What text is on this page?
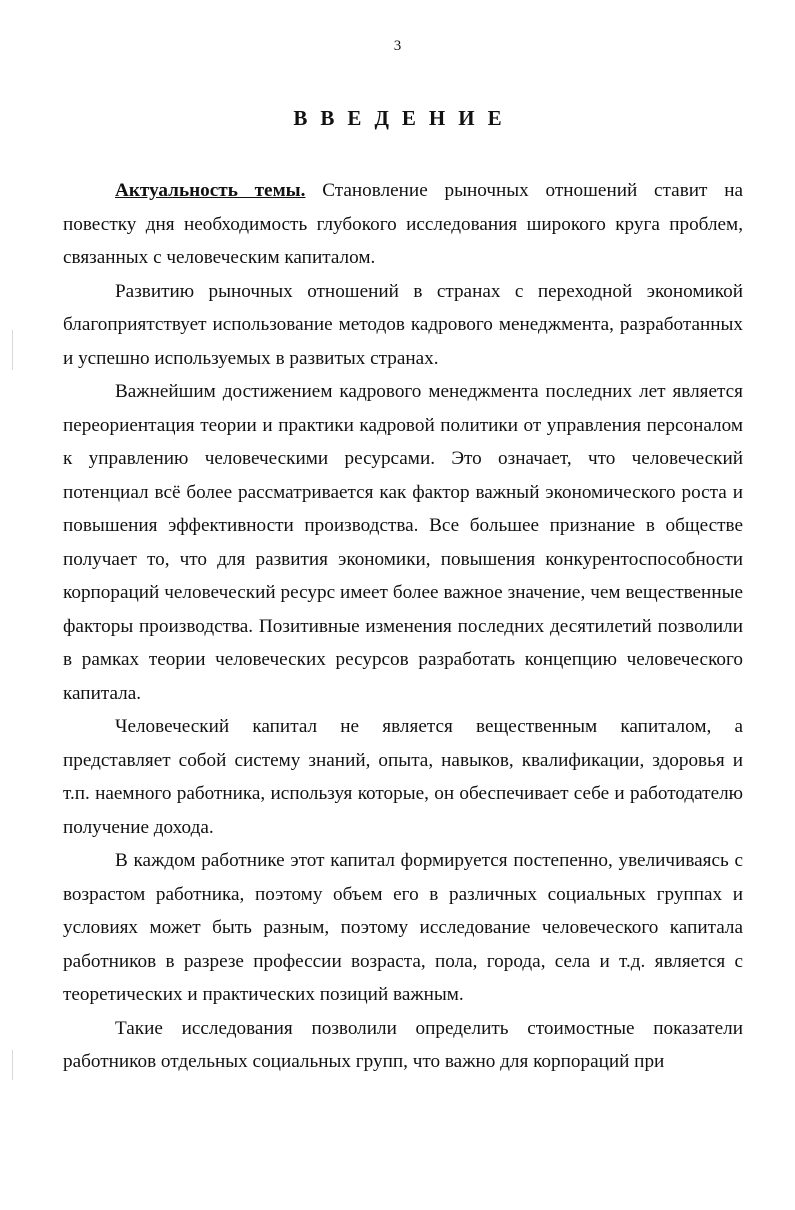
3
ВВЕДЕНИЕ

Актуальность темы. Становление рыночных отношений ставит на повестку дня необходимость глубокого исследования широкого круга проблем, связанных с человеческим капиталом.

Развитию рыночных отношений в странах с переходной экономикой благоприятствует использование методов кадрового менеджмента, разработанных и успешно используемых в развитых странах.

Важнейшим достижением кадрового менеджмента последних лет является переориентация теории и практики кадровой политики от управления персоналом к управлению человеческими ресурсами. Это означает, что человеческий потенциал всё более рассматривается как фактор важный экономического роста и повышения эффективности производства. Все большее признание в обществе получает то, что для развития экономики, повышения конкурентоспособности корпораций человеческий ресурс имеет более важное значение, чем вещественные факторы производства. Позитивные изменения последних десятилетий позволили в рамках теории человеческих ресурсов разработать концепцию человеческого капитала.

Человеческий капитал не является вещественным капиталом, а представляет собой систему знаний, опыта, навыков, квалификации, здоровья и т.п. наемного работника, используя которые, он обеспечивает себе и работодателю получение дохода.

В каждом работнике этот капитал формируется постепенно, увеличиваясь с возрастом работника, поэтому объем его в различных социальных группах и условиях может быть разным, поэтому исследование человеческого капитала работников в разрезе профессии возраста, пола, города, села и т.д. является с теоретических и практических позиций важным.

Такие исследования позволили определить стоимостные показатели работников отдельных социальных групп, что важно для корпораций при
